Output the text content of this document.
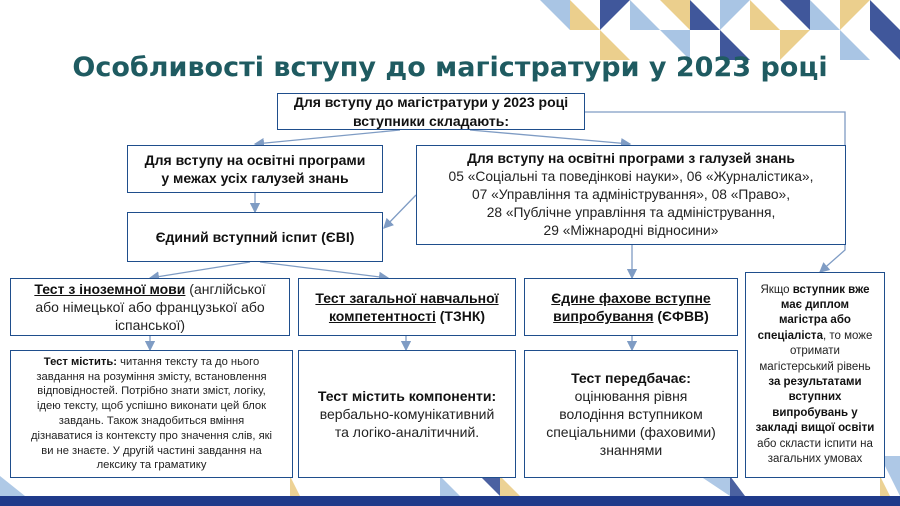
Особливості вступу до магістратури у 2023 році
Для вступу до магістратури у 2023 році
вступники складають:
Для вступу на освітні програми
у межах усіх галузей знань
Для вступу на освітні програми з галузей знань
05 «Соціальні та поведінкові науки», 06 «Журналістика»,
07 «Управління та адміністрування», 08 «Право»,
28 «Публічне управління та адміністрування,
29 «Міжнародні відносини»
Єдиний вступний іспит (ЄВІ)
Тест з іноземної мови (англійської
або німецької або французької або
іспанської)
Тест загальної навчальної
компетентності (ТЗНК)
Єдине фахове вступне
випробування (ЄФВВ)
Тест містить: читання тексту та до нього
завдання на розуміння змісту, встановлення
відповідностей. Потрібно знати зміст, логіку,
ідею тексту, щоб успішно виконати цей блок
завдань. Також знадобиться вміння
дізнаватися із контексту про значення слів, які
ви не знаєте. У другій частині завдання на
лексику та граматику
Тест містить компоненти:
вербально-комунікативний
та логіко-аналітичний.
Тест передбачає:
оцінювання рівня
володіння вступником
спеціальними (фаховими)
знаннями
Якщо вступник вже
має диплом
магістра або
спеціаліста, то може
отримати
магістерський рівень
за результатами
вступних
випробувань у
закладі вищої освіти
або скласти іспити на
загальних умовах
